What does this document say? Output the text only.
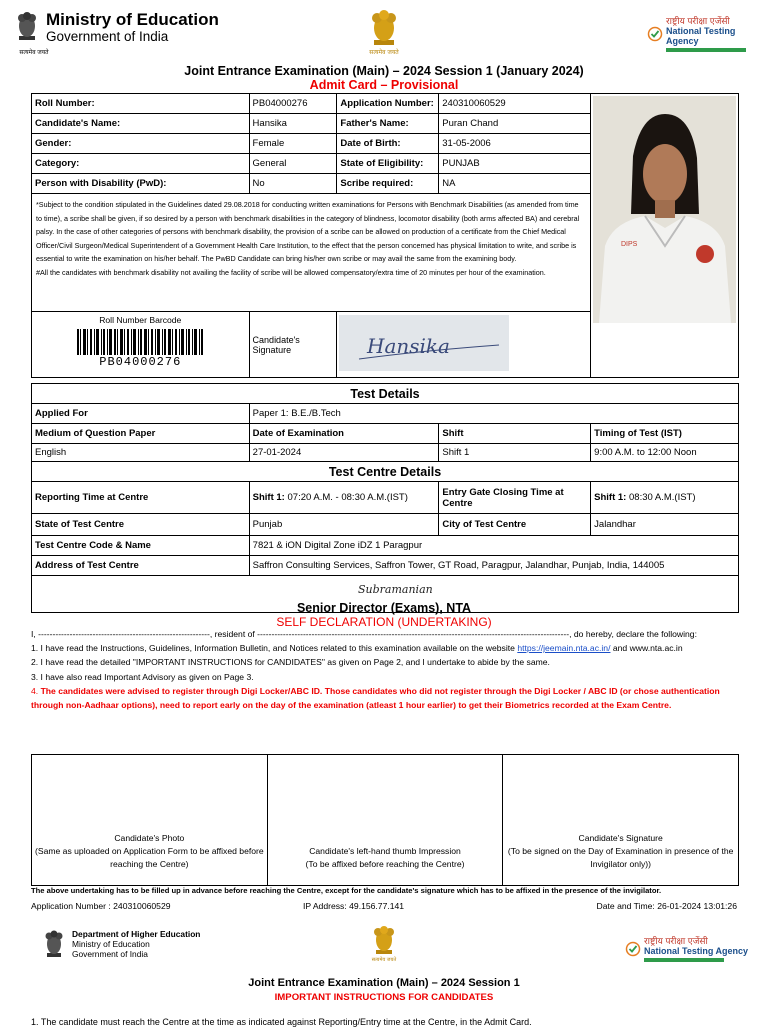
Ministry of Education
Government of India
सत्यमेव जयते	सत्यमेव जयते
राष्ट्रीय परीक्षा एजेंसी
National Testing Agency
Joint Entrance Examination (Main) – 2024 Session 1 (January 2024)
Admit Card – Provisional
Roll Number:	PB04000276	Application Number:	240310060529	DIPS

Candidate's Name:	Hansika	Father's Name:	Puran Chand	
Gender:	Female	Date of Birth:	31-05-2006	
Category:	General	State of Eligibility:	PUNJAB	
Person with Disability (PwD):	No	Scribe required:	NA	

*Subject to the condition stipulated in the Guidelines dated 29.08.2018 for conducting written examinations for Persons with Benchmark Disabilities (as amended from time to time), a scribe shall be given, if so desired by a person with benchmark disabilities in the category of blindness, locomotor disability (both arms affected BA) and cerebral palsy. In the case of other categories of persons with benchmark disability, the provision of a scribe can be allowed on production of a certificate from the Chief Medical Officer/Civil Surgeon/Medical Superintendent of a Government Health Care Institution, to the effect that the person concerned has physical limitation to write, and scribe is essential to write the examination on his/her behalf. The PwBD Candidate can bring his/her own scribe or may avail the same from the examining body.
#All the candidates with benchmark disability not availing the facility of scribe will be allowed compensatory/extra time of 20 minutes per hour of the examination.				

Roll Number Barcode
PB04000276	Candidate's Signature	Hansika		
Test Details			
Applied For	Paper 1: B.E./B.Tech		
Medium of Question Paper	Date of Examination	Shift	Timing of Test (IST)
English	27-01-2024	Shift 1	9:00 A.M. to 12:00 Noon
Test Centre Details			
Reporting Time at Centre	Shift 1: 07:20 A.M. - 08:30 A.M.(IST)	Entry Gate Closing Time at Centre	Shift 1: 08:30 A.M.(IST)
State of Test Centre	Punjab	City of Test Centre	Jalandhar
Test Centre Code & Name	7821 & iON Digital Zone iDZ 1 Paragpur		
Address of Test Centre	Saffron Consulting Services, Saffron Tower, GT Road, Paragpur, Jalandhar, Punjab, India, 144005		

Subramanian
Senior Director (Exams), NTA
SELF DECLARATION (UNDERTAKING)
I, ------------------------------------------------------------, resident of -------------------------------------------------------------------------------------------------------------, do hereby, declare the following:
1. I have read the Instructions, Guidelines, Information Bulletin, and Notices related to this examination available on the website https://jeemain.nta.ac.in/ and www.nta.ac.in
2. I have read the detailed "IMPORTANT INSTRUCTIONS for CANDIDATES" as given on Page 2, and I undertake to abide by the same.
3. I have also read Important Advisory as given on Page 3.
4. The candidates were advised to register through Digi Locker/ABC ID. Those candidates who did not register through the Digi Locker / ABC ID (or chose authentication through non-Aadhaar options), need to report early on the day of the examination (atleast 1 hour earlier) to get their Biometrics recorded at the Exam Centre.
Candidate's Photo
(Same as uploaded on Application Form to be affixed before reaching the Centre)
Candidate's left-hand thumb Impression
(To be affixed before reaching the Centre)
Candidate's Signature
(To be signed on the Day of Examination in presence of the Invigilator only))
The above undertaking has to be filled up in advance before reaching the Centre, except for the candidate's signature which has to be affixed in the presence of the invigilator.
Application Number : 240310060529	IP Address: 49.156.77.141	Date and Time: 26-01-2024 13:01:26
Department of Higher Education
Ministry of Education
Government of India
सत्यमेव जयते
राष्ट्रीय परीक्षा एजेंसी
National Testing Agency
Joint Entrance Examination (Main) – 2024 Session 1
IMPORTANT INSTRUCTIONS FOR CANDIDATES
1. The candidate must reach the Centre at the time as indicated against Reporting/Entry time at the Centre, in the Admit Card.
